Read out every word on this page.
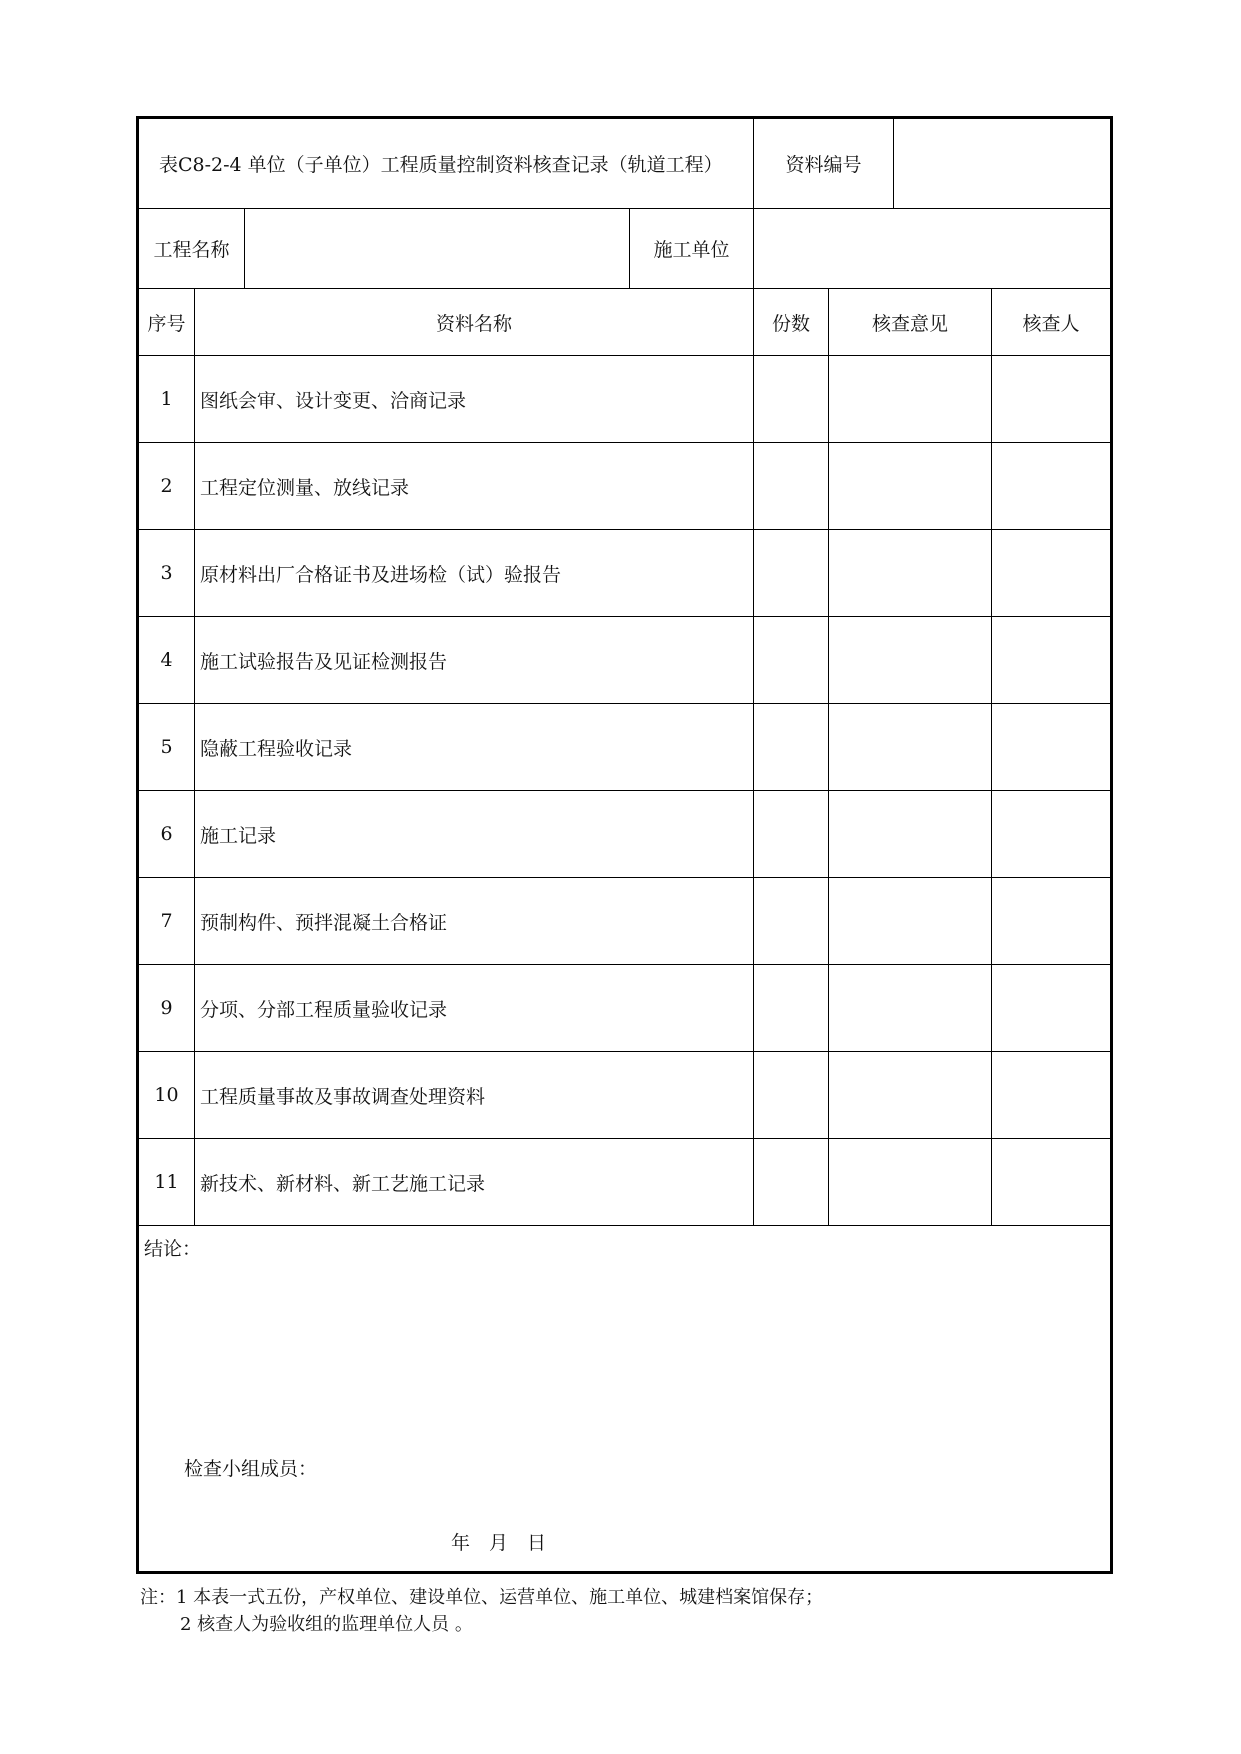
表C8-2-4 单位（子单位）工程质量控制资料核查记录（轨道工程）				资料编号			
工程名称			施工单位				
序号	资料名称			份数	核查意见		核查人
1	图纸会审、设计变更、洽商记录						
2	工程定位测量、放线记录						
3	原材料出厂合格证书及进场检（试）验报告						
4	施工试验报告及见证检测报告						
5	隐蔽工程验收记录						
6	施工记录						
7	预制构件、预拌混凝土合格证						
9	分项、分部工程质量验收记录						
10	工程质量事故及事故调查处理资料						
11	新技术、新材料、新工艺施工记录						

结论：
检查小组成员：
年　月　日							
注：1 本表一式五份，产权单位、建设单位、运营单位、施工单位、城建档案馆保存；
2 核查人为验收组的监理单位人员 。
